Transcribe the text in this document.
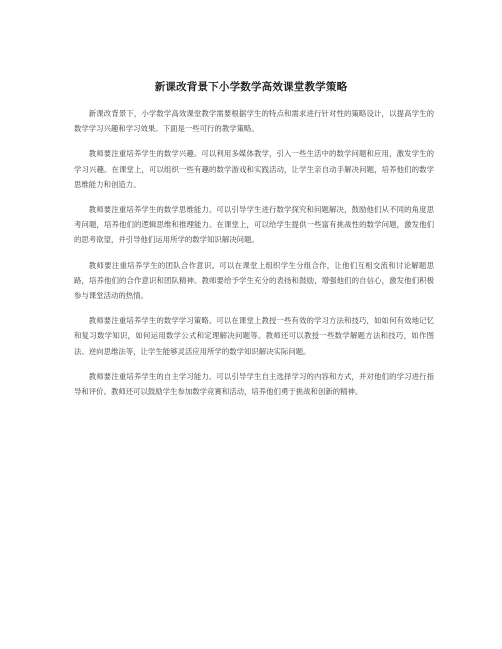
新课改背景下小学数学高效课堂教学策略

新课改背景下，小学数学高效课堂教学需要根据学生的特点和需求进行针对性的策略设计，以提高学生的数学学习兴趣和学习效果。下面是一些可行的教学策略。

教师要注重培养学生的数学兴趣。可以利用多媒体教学，引入一些生活中的数学问题和应用，激发学生的学习兴趣。在课堂上，可以组织一些有趣的数学游戏和实践活动，让学生亲自动手解决问题，培养他们的数学思维能力和创造力。

教师要注重培养学生的数学思维能力。可以引导学生进行数学探究和问题解决，鼓励他们从不同的角度思考问题，培养他们的逻辑思维和推理能力。在课堂上，可以给学生提供一些富有挑战性的数学问题，激发他们的思考欲望，并引导他们运用所学的数学知识解决问题。

教师要注重培养学生的团队合作意识。可以在课堂上组织学生分组合作，让他们互相交流和讨论解题思路，培养他们的合作意识和团队精神。教师要给予学生充分的表扬和鼓励，增强他们的自信心，激发他们积极参与课堂活动的热情。

教师要注重培养学生的数学学习策略。可以在课堂上教授一些有效的学习方法和技巧，如如何有效地记忆和复习数学知识，如何运用数学公式和定理解决问题等。教师还可以教授一些数学解题方法和技巧，如作图法、逆向思维法等，让学生能够灵活应用所学的数学知识解决实际问题。

教师要注重培养学生的自主学习能力。可以引导学生自主选择学习的内容和方式，并对他们的学习进行指导和评价。教师还可以鼓励学生参加数学竞赛和活动，培养他们勇于挑战和创新的精神。
